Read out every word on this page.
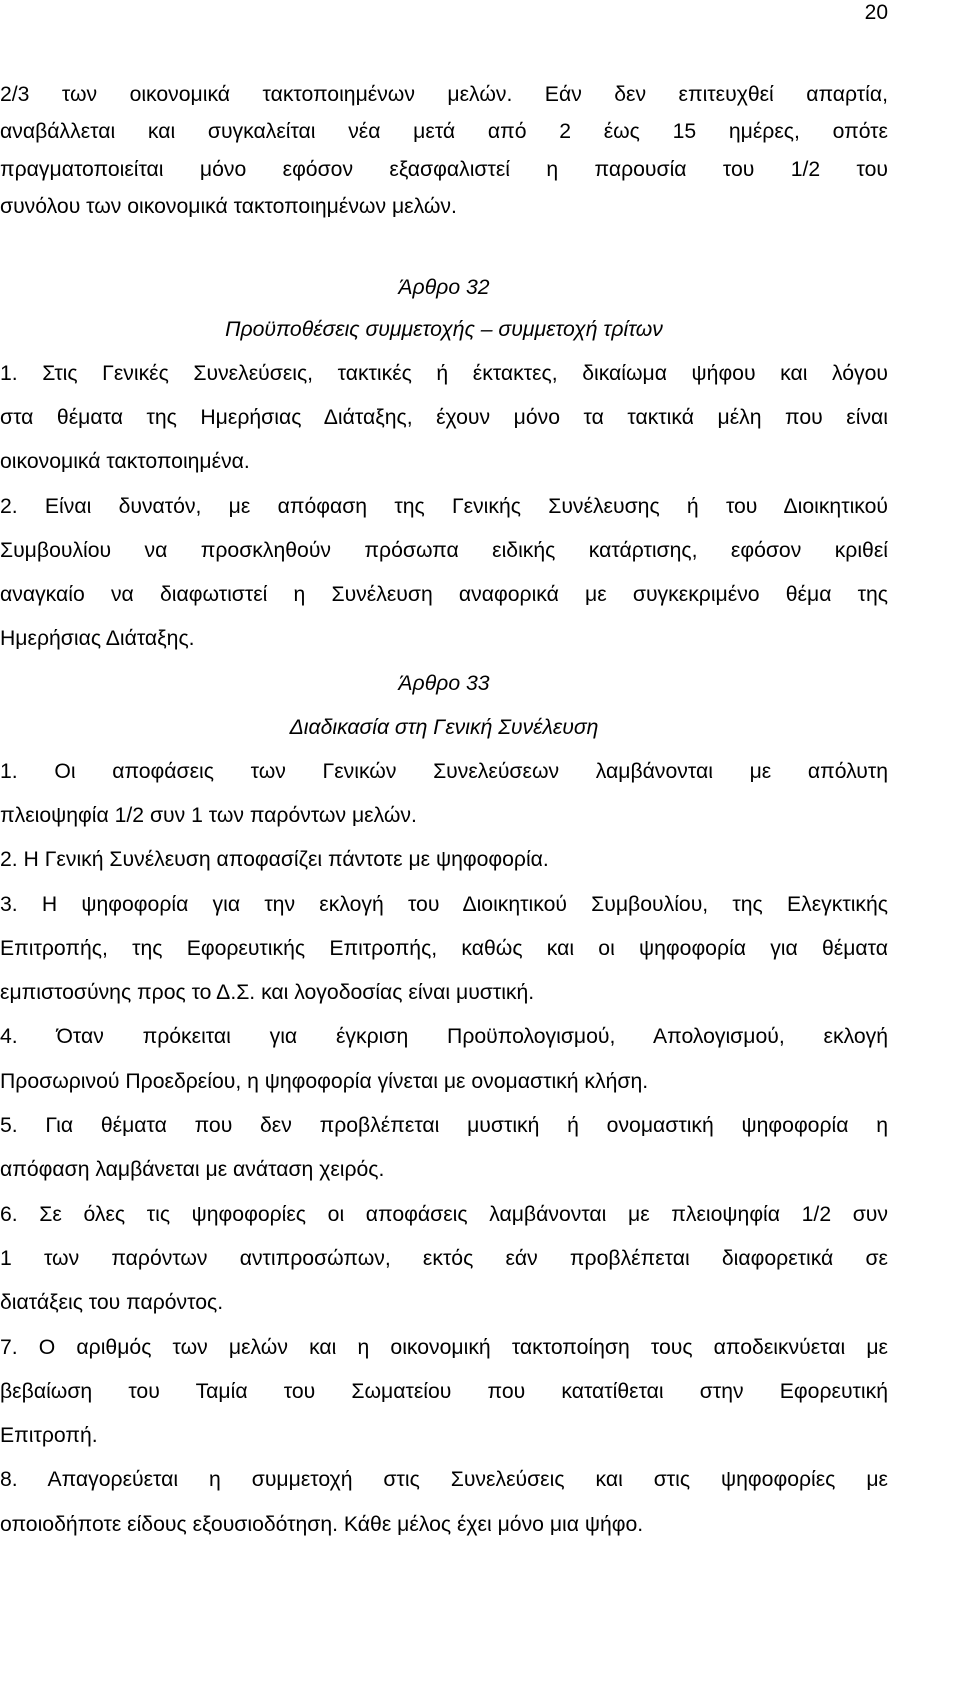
20
2/3 των οικονομικά τακτοποιημένων μελών. Εάν δεν επιτευχθεί απαρτία,
αναβάλλεται και συγκαλείται νέα μετά από 2 έως 15 ημέρες, οπότε
πραγματοποιείται μόνο εφόσον εξασφαλιστεί η παρουσία του 1/2 του
συνόλου των οικονομικά τακτοποιημένων μελών.
Άρθρο 32
Προϋποθέσεις συμμετοχής – συμμετοχή τρίτων
1. Στις Γενικές Συνελεύσεις, τακτικές ή έκτακτες, δικαίωμα ψήφου και λόγου
στα θέματα της Ημερήσιας Διάταξης, έχουν μόνο τα τακτικά μέλη που είναι
οικονομικά τακτοποιημένα.
2. Είναι δυνατόν, με απόφαση της Γενικής Συνέλευσης ή του Διοικητικού
Συμβουλίου να προσκληθούν πρόσωπα ειδικής κατάρτισης, εφόσον κριθεί
αναγκαίο να διαφωτιστεί η Συνέλευση αναφορικά με συγκεκριμένο θέμα της
Ημερήσιας Διάταξης.
Άρθρο 33
Διαδικασία στη Γενική Συνέλευση
1. Οι αποφάσεις των Γενικών Συνελεύσεων λαμβάνονται με απόλυτη
πλειοψηφία 1/2 συν 1 των παρόντων μελών.
2. Η Γενική Συνέλευση αποφασίζει πάντοτε με ψηφοφορία.
3. Η ψηφοφορία για την εκλογή του Διοικητικού Συμβουλίου, της Ελεγκτικής
Επιτροπής, της Εφορευτικής Επιτροπής, καθώς και οι ψηφοφορία για θέματα
εμπιστοσύνης προς το Δ.Σ. και λογοδοσίας είναι μυστική.
4. Όταν πρόκειται για έγκριση Προϋπολογισμού, Απολογισμού, εκλογή
Προσωρινού Προεδρείου, η ψηφοφορία γίνεται με ονομαστική κλήση.
5. Για θέματα που δεν προβλέπεται μυστική ή ονομαστική ψηφοφορία η
απόφαση λαμβάνεται με ανάταση χειρός.
6. Σε όλες τις ψηφοφορίες οι αποφάσεις λαμβάνονται με πλειοψηφία 1/2 συν
1 των παρόντων αντιπροσώπων, εκτός εάν προβλέπεται διαφορετικά σε
διατάξεις του παρόντος.
7. Ο αριθμός των μελών και η οικονομική τακτοποίηση τους αποδεικνύεται με
βεβαίωση του Ταμία του Σωματείου που κατατίθεται στην Εφορευτική
Επιτροπή.
8. Απαγορεύεται η συμμετοχή στις Συνελεύσεις και στις ψηφοφορίες με
οποιοδήποτε είδους εξουσιοδότηση. Κάθε μέλος έχει μόνο μια ψήφο.
